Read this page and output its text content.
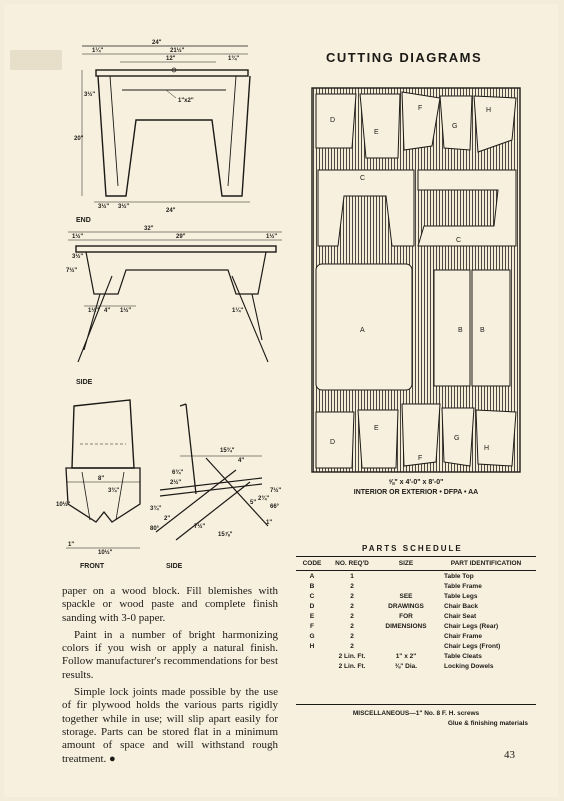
24"
1¼"	21½"
12"	1¾"
1"x2"
3½"
20"
3½" 3½"
24"
END
32"
1½"	29"	1½"
3½"
7½"
4"
1½"	1½"	1¼"
SIDE
8"
3¾"
10½"
1"
10½"
FRONT
15¾"
4"
6¾"
2½"
5"
3¾"
2"
80°	7½"
15⅞"
2¾"
7½"
66°
1"
SIDE
D
E
F
G
H
C
C
A	B B
D
E
F
G
H
CUTTING DIAGRAMS
⅝" x 4'-0" x 8'-0"
INTERIOR OR EXTERIOR • DFPA • AA
PARTS SCHEDULE
CODE	NO. REQ'D	SIZE	PART IDENTIFICATION
A	1		Table Top
B	2		Table Frame
C	2	SEE	Table Legs
D	2	DRAWINGS	Chair Back
E	2	FOR	Chair Seat
F	2	DIMENSIONS	Chair Legs (Rear)
G	2		Chair Frame
H	2		Chair Legs (Front)
	2 Lin. Ft.	1" x 2"	Table Cleats
	2 Lin. Ft.	⅜" Dia.	Locking Dowels
MISCELLANEOUS—1" No. 8 F. H. screws
Glue & finishing materials

paper on a wood block. Fill blemishes with spackle or wood paste and complete finish sanding with 3-0 paper.

Paint in a number of bright harmonizing colors if you wish or apply a natural finish. Follow manufacturer's recommendations for best results.

Simple lock joints made possible by the use of fir plywood holds the various parts rigidly together while in use; will slip apart easily for storage. Parts can be stored flat in a minimum amount of space and will withstand rough treatment. ●	43
